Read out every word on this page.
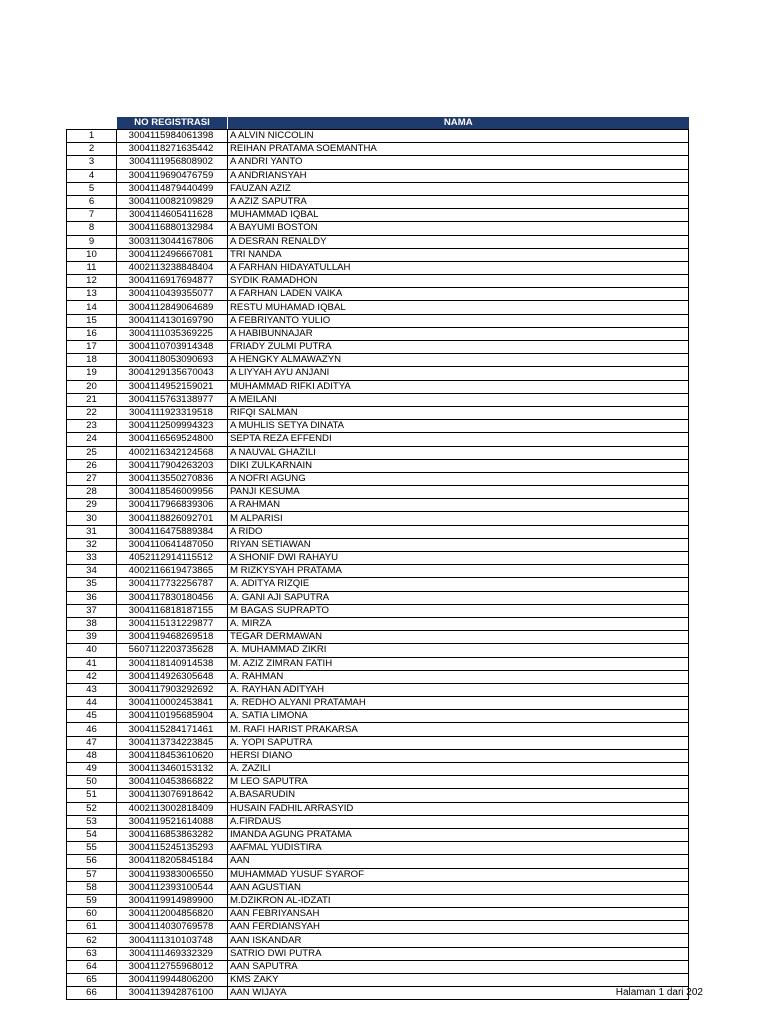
	NO REGISTRASI	NAMA
1	3004115984061398	A ALVIN NICCOLIN
2	3004118271635442	REIHAN PRATAMA SOEMANTHA
3	3004111956808902	A ANDRI YANTO
4	3004119690476759	A ANDRIANSYAH
5	3004114879440499	FAUZAN AZIZ
6	3004110082109829	A AZIZ SAPUTRA
7	3004114605411628	MUHAMMAD IQBAL
8	3004116880132984	A BAYUMI BOSTON
9	3003113044167806	A DESRAN RENALDY
10	3004112496667081	TRI NANDA
11	4002113238848404	A FARHAN HIDAYATULLAH
12	3004116917694877	SYDIK RAMADHON
13	3004110439355077	A FARHAN LADEN VAIKA
14	3004112849064689	RESTU MUHAMAD IQBAL
15	3004114130169790	A FEBRIYANTO YULIO
16	3004111035369225	A HABIBUNNAJAR
17	3004110703914348	FRIADY ZULMI PUTRA
18	3004118053090693	A HENGKY ALMAWAZYN
19	3004129135670043	A LIYYAH AYU ANJANI
20	3004114952159021	MUHAMMAD RIFKI ADITYA
21	3004115763138977	A MEILANI
22	3004111923319518	RIFQI SALMAN
23	3004112509994323	A MUHLIS SETYA DINATA
24	3004116569524800	SEPTA REZA EFFENDI
25	4002116342124568	A NAUVAL GHAZILI
26	3004117904263203	DIKI ZULKARNAIN
27	3004113550270836	A NOFRI AGUNG
28	3004118546009956	PANJI KESUMA
29	3004117966839306	A RAHMAN
30	3004118826092701	M ALPARISI
31	3004116475889384	A RIDO
32	3004110641487050	RIYAN SETIAWAN
33	4052112914115512	A SHONIF DWI RAHAYU
34	4002116619473865	M RIZKYSYAH PRATAMA
35	3004117732256787	A. ADITYA RIZQIE
36	3004117830180456	A. GANI AJI SAPUTRA
37	3004116818187155	M BAGAS SUPRAPTO
38	3004115131229877	A. MIRZA
39	3004119468269518	TEGAR DERMAWAN
40	5607112203735628	A. MUHAMMAD ZIKRI
41	3004118140914538	M. AZIZ ZIMRAN FATIH
42	3004114926305648	A. RAHMAN
43	3004117903292692	A. RAYHAN ADITYAH
44	3004110002453841	A. REDHO ALYANI PRATAMAH
45	3004110195685904	A. SATIA LIMONA
46	3004115284171461	M. RAFI HARIST PRAKARSA
47	3004113734223845	A. YOPI SAPUTRA
48	3004118453610620	HERSI DIANO
49	3004113460153132	A. ZAZILI
50	3004110453866822	M LEO SAPUTRA
51	3004113076918642	A.BASARUDIN
52	4002113002818409	HUSAIN FADHIL ARRASYID
53	3004119521614088	A.FIRDAUS
54	3004116853863282	IMANDA AGUNG PRATAMA
55	3004115245135293	AAFMAL YUDISTIRA
56	3004118205845184	AAN
57	3004119383006550	MUHAMMAD YUSUF SYAROF
58	3004112393100544	AAN AGUSTIAN
59	3004119914989900	M.DZIKRON AL-IDZATI
60	3004112004856820	AAN FEBRIYANSAH
61	3004114030769578	AAN FERDIANSYAH
62	3004111310103748	AAN ISKANDAR
63	3004111469332329	SATRIO DWI PUTRA
64	3004112755968012	AAN SAPUTRA
65	3004119944806200	KMS ZAKY
66	3004113942876100	AAN WIJAYA	Halaman 1 dari 202
